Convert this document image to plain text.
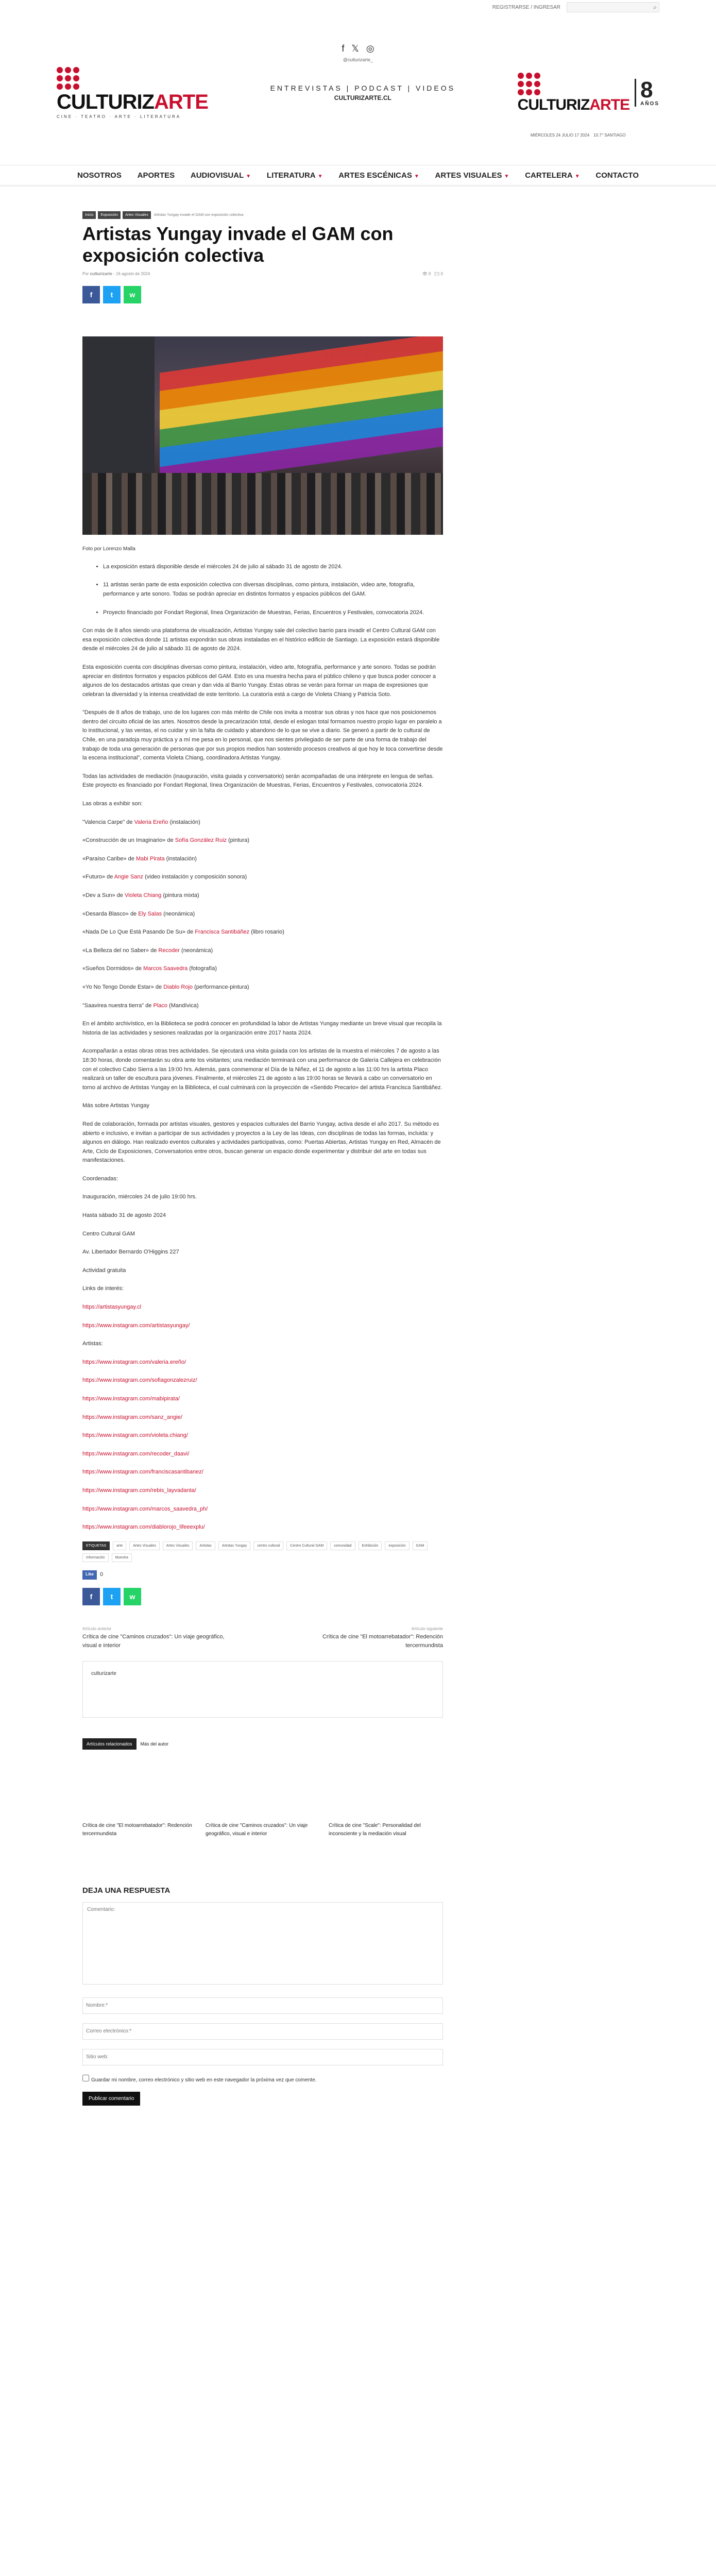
REGISTRARSE / INGRESAR	⌕
f 𝕏 ◎
@culturizarte_
CULTURIZARTE
CINE · TEATRO · ARTE · LITERATURA
ENTREVISTAS | PODCAST | VIDEOS
CULTURIZARTE.CL	CULTURIZARTE
8
AÑOS
MIÉRCOLES 24 JULIO 17 2024 10.7° SANTIAGO
NOSOTROS APORTES AUDIOVISUAL ▼ LITERATURA ▼ ARTES ESCÉNICAS ▼ ARTES VISUALES ▼ CARTELERA ▼ CONTACTO
Inicio	Exposición	Artes Visuales	Artistas Yungay invade el GAM con exposición colectiva
Artistas Yungay invade el GAM con exposición colectiva
Por culturizarte - 16 agosto de 2024	👁 0 ✉ 0
f	t	w
Foto por Lorenzo Malla
• La exposición estará disponible desde el miércoles 24 de julio al sábado 31 de agosto de 2024.
• 11 artistas serán parte de esta exposición colectiva con diversas disciplinas, como pintura, instalación, video arte, fotografía, performance y arte sonoro. Todas se podrán apreciar en distintos formatos y espacios públicos del GAM.
• Proyecto financiado por Fondart Regional, línea Organización de Muestras, Ferias, Encuentros y Festivales, convocatoria 2024.

Con más de 8 años siendo una plataforma de visualización, Artistas Yungay sale del colectivo barrio para invadir el Centro Cultural GAM con esa exposición colectiva donde 11 artistas expondrán sus obras instaladas en el histórico edificio de Santiago. La exposición estará disponible desde el miércoles 24 de julio al sábado 31 de agosto de 2024.

Esta exposición cuenta con disciplinas diversas como pintura, instalación, video arte, fotografía, performance y arte sonoro. Todas se podrán apreciar en distintos formatos y espacios públicos del GAM. Esto es una muestra hecha para el público chileno y que busca poder conocer a algunos de los destacados artistas que crean y dan vida al Barrio Yungay. Estas obras se verán para formar un mapa de expresiones que celebran la diversidad y la intensa creatividad de este territorio. La curatoría está a cargo de Violeta Chiang y Patricia Soto.

"Después de 8 años de trabajo, uno de los lugares con más mérito de Chile nos invita a mostrar sus obras y nos hace que nos posicionemos dentro del circuito oficial de las artes. Nosotros desde la precarización total, desde el eslogan total formamos nuestro propio lugar en paralelo a lo institucional, y las ventas, el no cuidar y sin la falta de cuidado y abandono de lo que se vive a diario. Se generó a partir de lo cultural de Chile, en una paradoja muy práctica y a mí me pesa en lo personal, que nos sientes privilegiado de ser parte de una forma de trabajo del trabajo de toda una generación de personas que por sus propios medios han sostenido procesos creativos al que hoy le toca convertirse desde la escena institucional", comenta Violeta Chiang, coordinadora Artistas Yungay.

Todas las actividades de mediación (inauguración, visita guiada y conversatorio) serán acompañadas de una intérprete en lengua de señas. Este proyecto es financiado por Fondart Regional, línea Organización de Muestras, Ferias, Encuentros y Festivales, convocatoria 2024.

Las obras a exhibir son:

"Valencia Carpe" de Valeria Ereño (instalación)

«Construcción de un Imaginario» de Sofía González Ruiz (pintura)

«Paraíso Caribe» de Mabi Pirata (instalación)

«Futuro» de Angie Sanz (video instalación y composición sonora)

«Dev a Sun» de Violeta Chiang (pintura mixta)

«Desarda Blasco» de Ely Salas (neonámica)

«Nada De Lo Que Está Pasando De Su» de Francisca Santibáñez (libro rosario)

«La Belleza del no Saber» de Recoder (neonámica)

«Sueños Dormidos» de Marcos Saavedra (fotografía)

«Yo No Tengo Donde Estar» de Diablo Rojo (performance-pintura)

"Saavirea nuestra tierra" de Placo (Mandívica)

En el ámbito archivístico, en la Biblioteca se podrá conocer en profundidad la labor de Artistas Yungay mediante un breve visual que recopila la historia de las actividades y sesiones realizadas por la organización entre 2017 hasta 2024.

Acompañarán a estas obras otras tres actividades. Se ejecutará una visita guiada con los artistas de la muestra el miércoles 7 de agosto a las 18:30 horas, donde comentarán su obra ante los visitantes; una mediación terminará con una performance de Galería Callejera en celebración con el colectivo Cabo Sierra a las 19:00 hrs. Además, para conmemorar el Día de la Niñez, el 11 de agosto a las 11:00 hrs la artista Placo realizará un taller de escultura para jóvenes. Finalmente, el miércoles 21 de agosto a las 19:00 horas se llevará a cabo un conversatorio en torno al archivo de Artistas Yungay en la Biblioteca, el cual culminará con la proyección de «Sentido Precario» del artista Francisca Santibáñez.

Más sobre Artistas Yungay

Red de colaboración, formada por artistas visuales, gestores y espacios culturales del Barrio Yungay, activa desde el año 2017. Su método es abierto e inclusivo, e invitan a participar de sus actividades y proyectos a la Ley de las Ideas, con disciplinas de todas las formas, incluida: y algunos en diálogo. Han realizado eventos culturales y actividades participativas, como: Puertas Abiertas, Artistas Yungay en Red, Almacén de Arte, Ciclo de Exposiciones, Conversatorios entre otros, buscan generar un espacio donde experimentar y distribuir del arte en todas sus manifestaciones.

Coordenadas:

Inauguración, miércoles 24 de julio 19:00 hrs.

Hasta sábado 31 de agosto 2024

Centro Cultural GAM

Av. Libertador Bernardo O'Higgins 227

Actividad gratuita

Links de interés:

https://artistasyungay.cl

https://www.instagram.com/artistasyungay/

Artistas:

https://www.instagram.com/valeria.ereño/

https://www.instagram.com/sofiagonzalezruiz/

https://www.instagram.com/mabipirata/

https://www.instagram.com/sanz_angie/

https://www.instagram.com/violeta.chiang/

https://www.instagram.com/recoder_daavi/

https://www.instagram.com/franciscasantibanez/

https://www.instagram.com/rebis_layvadanta/

https://www.instagram.com/marcos_saavedra_ph/

https://www.instagram.com/diablorojo_lifeeexplu/

ETIQUETAS	arte	Artes Visuales	Artes Visuales	Artistas	Artistas Yungay	centro cultural	Centro Cultural GAM	comunidad	Exhibición	exposición	GAM
Información	Muestra
Like	0
f	t	w
Artículo anterior
Crítica de cine "Caminos cruzados": Un viaje geográfico, visual e interior
Artículo siguiente
Crítica de cine "El motoarrebatador": Redención tercermundista
culturizarte
Artículos relacionados	Más del autor
Crítica de cine "El motoarrebatador": Redención tercermundista
Crítica de cine "Caminos cruzados": Un viaje geográfico, visual e interior
Crítica de cine "Scale": Personalidad del inconsciente y la mediación visual
DEJA UNA RESPUESTA
Comentario:
Nombre:*
Correo electrónico:*
Sitio web:
Guardar mi nombre, correo electrónico y sitio web en este navegador la próxima vez que comente.
Publicar comentario
